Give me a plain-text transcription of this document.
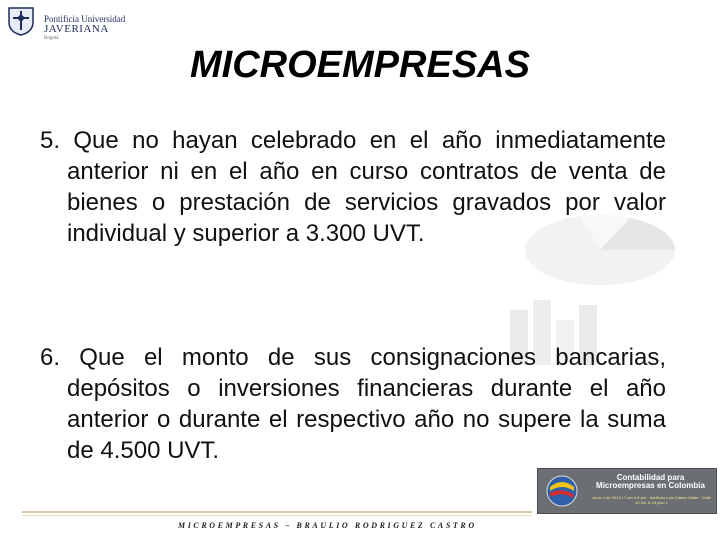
Pontificia Universidad
JAVERIANA
Bogotá
MICROEMPRESAS
5. Que no hayan celebrado en el año inmediatamente anterior ni en el año en curso contratos de venta de bienes o prestación de servicios gravados por valor individual y superior a 3.300 UVT.
6. Que el monto de sus consignaciones bancarias, depósitos o inversiones financieras durante el año anterior o durante el respectivo año no supere la suma de 4.500 UVT.
Contabilidad para Microempresas en Colombia
Junio 4 de 2013 / 7 am a 6 pm · Auditorio Luis Carlos Galán · Calle 40 No. 6-23 piso 1
MICROEMPRESAS – BRAULIO RODRIGUEZ CASTRO
